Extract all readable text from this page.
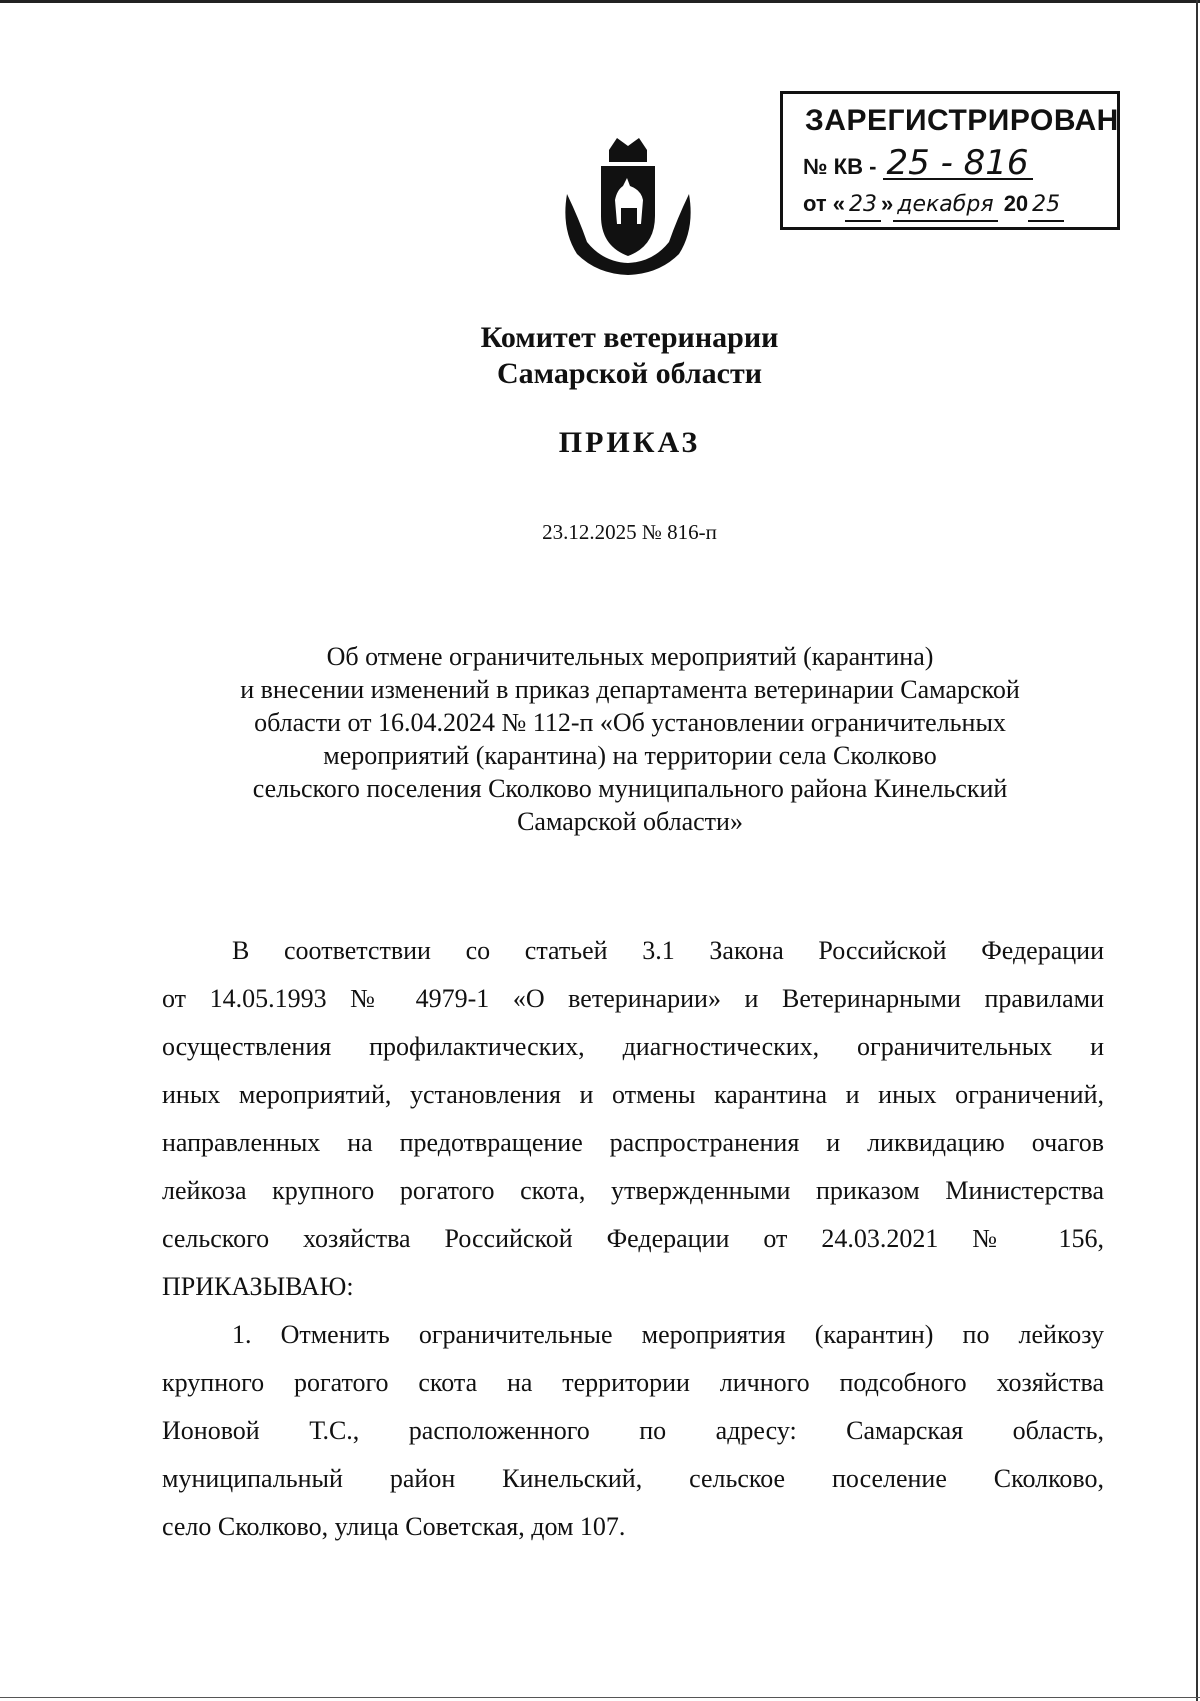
ЗАРЕГИСТРИРОВАН
№ КВ - 25 - 816
от « 23 » декабря 20 25
Комитет ветеринарии
Самарской области
ПРИКАЗ
23.12.2025 № 816-п
Об отмене ограничительных мероприятий (карантина)
и внесении изменений в приказ департамента ветеринарии Самарской
области от 16.04.2024 № 112-п «Об установлении ограничительных
мероприятий (карантина) на территории села Сколково
сельского поселения Сколково муниципального района Кинельский
Самарской области»
В соответствии со статьей 3.1 Закона Российской Федерации
от 14.05.1993 № 4979-1 «О ветеринарии» и Ветеринарными правилами
осуществления профилактических, диагностических, ограничительных и
иных мероприятий, установления и отмены карантина и иных ограничений,
направленных на предотвращение распространения и ликвидацию очагов
лейкоза крупного рогатого скота, утвержденными приказом Министерства
сельского хозяйства Российской Федерации от 24.03.2021 № 156,
ПРИКАЗЫВАЮ:
1. Отменить ограничительные мероприятия (карантин) по лейкозу
крупного рогатого скота на территории личного подсобного хозяйства
Ионовой Т.С., расположенного по адресу: Самарская область,
муниципальный район Кинельский, сельское поселение Сколково,
село Сколково, улица Советская, дом 107.
